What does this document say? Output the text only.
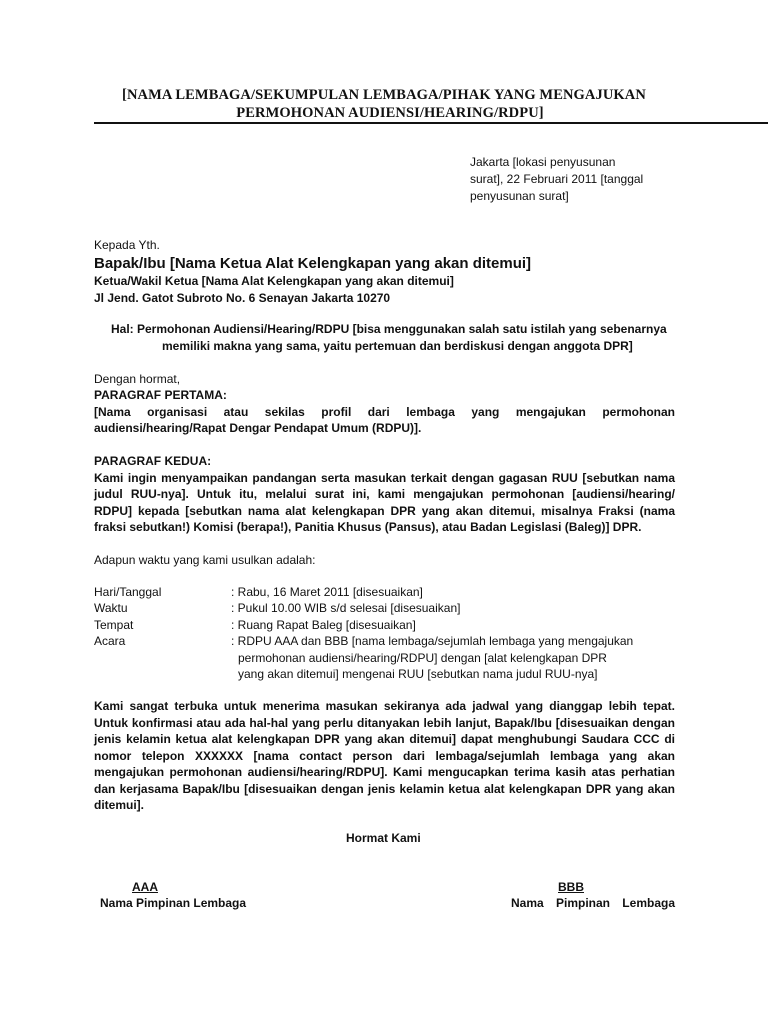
[NAMA LEMBAGA/SEKUMPULAN LEMBAGA/PIHAK YANG MENGAJUKAN
PERMOHONAN AUDIENSI/HEARING/RDPU]
Jakarta [lokasi penyusunan
surat], 22 Februari 2011 [tanggal
penyusunan surat]
Kepada Yth.
Bapak/Ibu [Nama Ketua Alat Kelengkapan yang akan ditemui]
Ketua/Wakil Ketua [Nama Alat Kelengkapan yang akan ditemui]
Jl Jend. Gatot Subroto No. 6 Senayan Jakarta 10270
Hal: Permohonan Audiensi/Hearing/RDPU [bisa menggunakan salah satu istilah yang sebenarnya
memiliki makna yang sama, yaitu pertemuan dan berdiskusi dengan anggota DPR]
Dengan hormat,
PARAGRAF PERTAMA:
[Nama organisasi atau sekilas profil dari lembaga yang mengajukan permohonan
audiensi/hearing/Rapat Dengar Pendapat Umum (RDPU)].
PARAGRAF KEDUA:
Kami ingin menyampaikan pandangan serta masukan terkait dengan gagasan RUU [sebutkan nama
judul RUU-nya]. Untuk itu, melalui surat ini, kami mengajukan permohonan [audiensi/hearing/
RDPU] kepada [sebutkan nama alat kelengkapan DPR yang akan ditemui, misalnya Fraksi (nama
fraksi sebutkan!) Komisi (berapa!), Panitia Khusus (Pansus), atau Badan Legislasi (Baleg)] DPR.
Adapun waktu yang kami usulkan adalah:
Hari/Tanggal	: Rabu, 16 Maret 2011 [disesuaikan]
Waktu	: Pukul 10.00 WIB s/d selesai [disesuaikan]
Tempat	: Ruang Rapat Baleg [disesuaikan]
Acara	: RDPU AAA dan BBB [nama lembaga/sejumlah lembaga yang mengajukan
permohonan audiensi/hearing/RDPU] dengan [alat kelengkapan DPR
yang akan ditemui] mengenai RUU [sebutkan nama judul RUU-nya]
Kami sangat terbuka untuk menerima masukan sekiranya ada jadwal yang dianggap lebih tepat.
Untuk konfirmasi atau ada hal-hal yang perlu ditanyakan lebih lanjut, Bapak/Ibu [disesuaikan dengan
jenis kelamin ketua alat kelengkapan DPR yang akan ditemui] dapat menghubungi Saudara CCC di
nomor telepon XXXXXX [nama contact person dari lembaga/sejumlah lembaga yang akan
mengajukan permohonan audiensi/hearing/RDPU]. Kami mengucapkan terima kasih atas perhatian
dan kerjasama Bapak/Ibu [disesuaikan dengan jenis kelamin ketua alat kelengkapan DPR yang akan
ditemui].
Hormat Kami
AAA
Nama Pimpinan Lembaga
BBB
Nama Pimpinan Lembaga
